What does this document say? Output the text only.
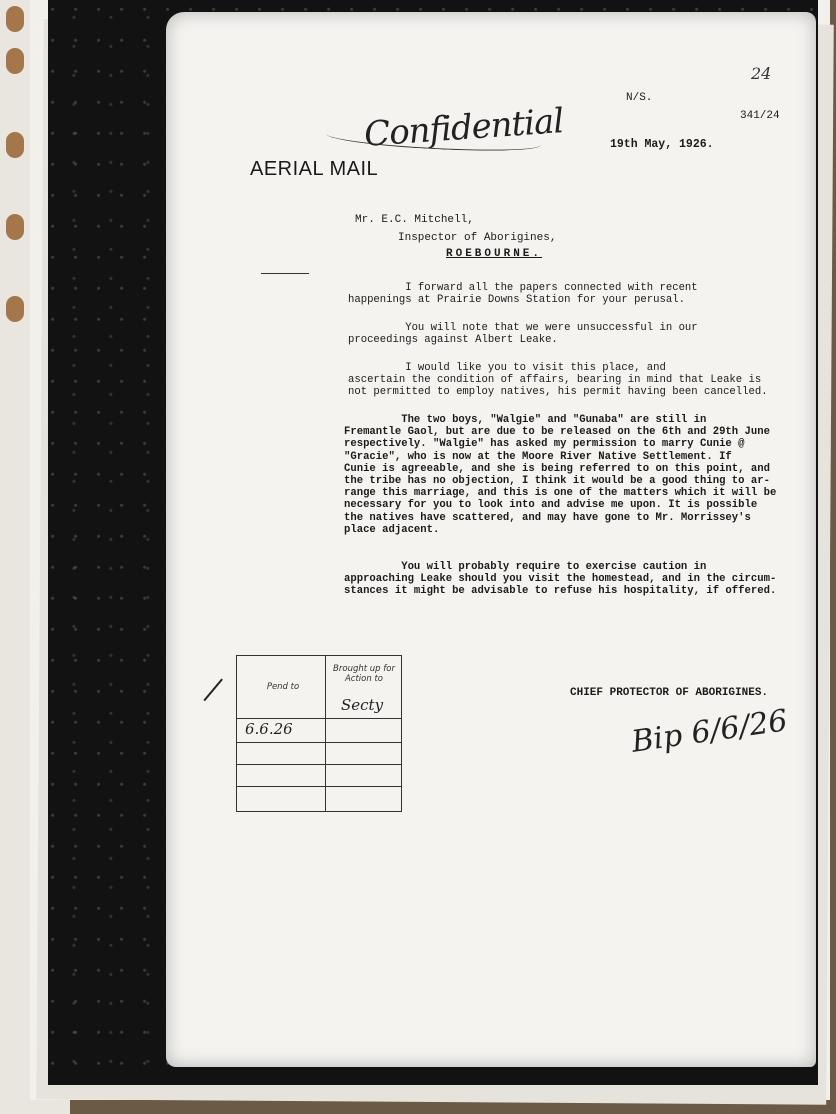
24
N/S.
341/24
Confidential	19th May, 1926.
AERIAL MAIL
Mr. E.C. Mitchell,
Inspector of Aborigines,
ROEBOURNE.
I forward all the papers connected with recent
happenings at Prairie Downs Station for your perusal.
You will note that we were unsuccessful in our
proceedings against Albert Leake.
I would like you to visit this place, and
ascertain the condition of affairs, bearing in mind that Leake is
not permitted to employ natives, his permit having been cancelled.
The two boys, "Walgie" and "Gunaba" are still in
Fremantle Gaol, but are due to be released on the 6th and 29th June
respectively. "Walgie" has asked my permission to marry Cunie @
"Gracie", who is now at the Moore River Native Settlement. If
Cunie is agreeable, and she is being referred to on this point, and
the tribe has no objection, I think it would be a good thing to ar-
range this marriage, and this is one of the matters which it will be
necessary for you to look into and advise me upon. It is possible
the natives have scattered, and may have gone to Mr. Morrissey's
place adjacent.
You will probably require to exercise caution in
approaching Leake should you visit the homestead, and in the circum-
stances it might be advisable to refuse his hospitality, if offered.
Pend to
Brought up for Action to
Secty
6.6.26
CHIEF PROTECTOR OF ABORIGINES.
Bip 6/6/26
